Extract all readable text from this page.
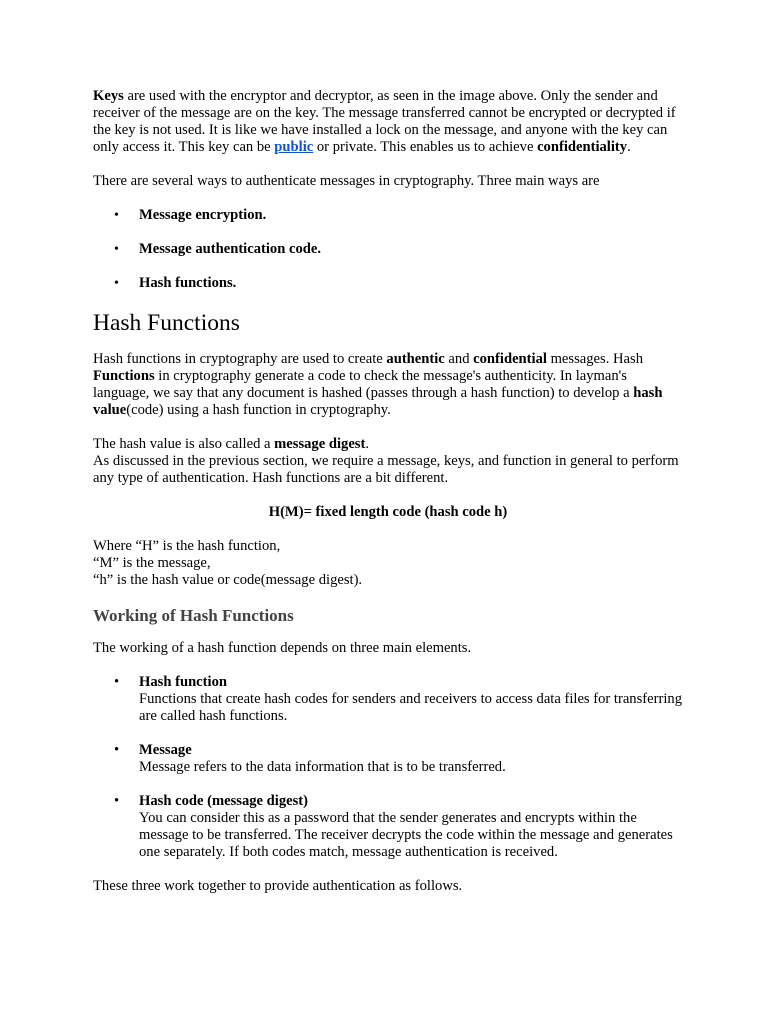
Keys are used with the encryptor and decryptor, as seen in the image above. Only the sender and receiver of the message are on the key. The message transferred cannot be encrypted or decrypted if the key is not used. It is like we have installed a lock on the message, and anyone with the key can only access it. This key can be public or private. This enables us to achieve confidentiality.

There are several ways to authenticate messages in cryptography. Three main ways are

• Message encryption.
• Message authentication code.
• Hash functions.
Hash Functions

Hash functions in cryptography are used to create authentic and confidential messages. Hash Functions in cryptography generate a code to check the message's authenticity. In layman's language, we say that any document is hashed (passes through a hash function) to develop a hash value(code) using a hash function in cryptography.

The hash value is also called a message digest.

As discussed in the previous section, we require a message, keys, and function in general to perform any type of authentication. Hash functions are a bit different.

H(M)= fixed length code (hash code h)

Where “H” is the hash function,

“M” is the message,

“h” is the hash value or code(message digest).

Working of Hash Functions

The working of a hash function depends on three main elements.

• Hash function
Functions that create hash codes for senders and receivers to access data files for transferring are called hash functions.
• Message
Message refers to the data information that is to be transferred.
• Hash code (message digest)
You can consider this as a password that the sender generates and encrypts within the message to be transferred. The receiver decrypts the code within the message and generates one separately. If both codes match, message authentication is received.

These three work together to provide authentication as follows.
